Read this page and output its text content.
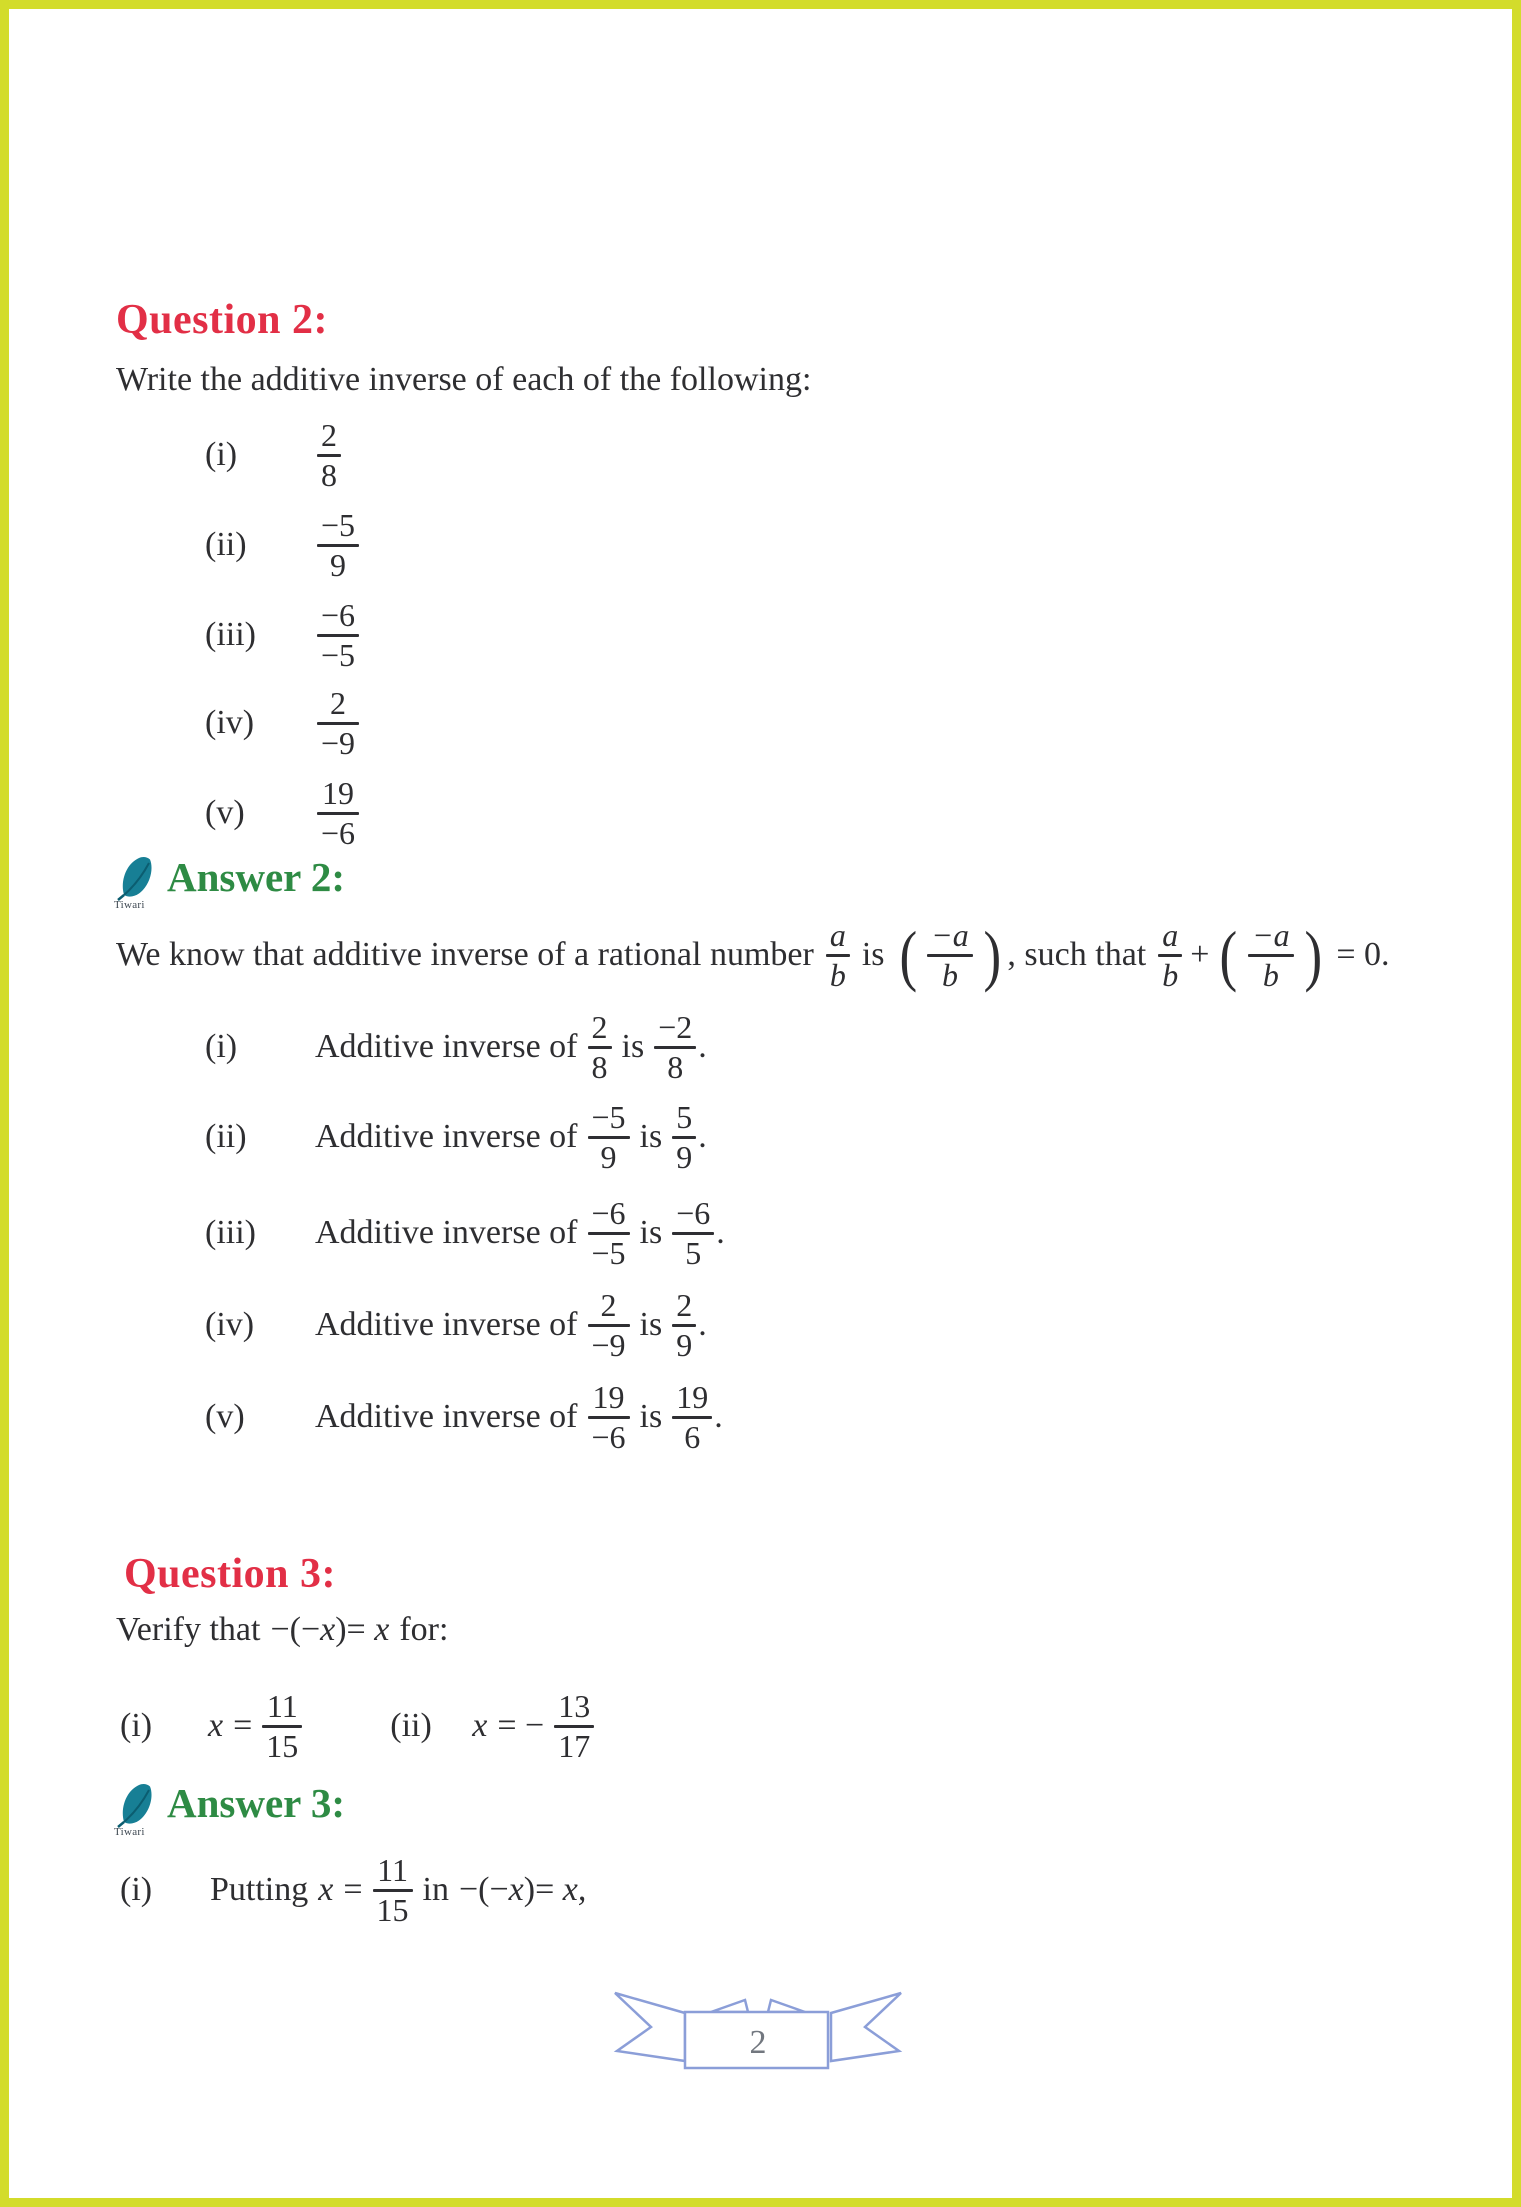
Question 2:
Write the additive inverse of each of the following:
(i)	$\frac{2}{8}$
(ii)	$\frac{-5}{9}$
(iii)	$\frac{-6}{-5}$
(iv)	$\frac{2}{-9}$
(v)	$\frac{19}{-6}$
Tiwari
Answer 2:
We know that additive inverse of a rational number $\frac{a}{b}$ is ( $\frac{-a}{b}$ ) , such that $\frac{a}{b}$ + ( $\frac{-a}{b}$ ) = 0.
(i)	Additive inverse of $\frac{2}{8}$ is $\frac{-2}{8}$ .
(ii)	Additive inverse of $\frac{-5}{9}$ is $\frac{5}{9}$ .
(iii)	Additive inverse of $\frac{-6}{-5}$ is $\frac{-6}{5}$ .
(iv)	Additive inverse of $\frac{2}{-9}$ is $\frac{2}{9}$ .
(v)	Additive inverse of $\frac{19}{-6}$ is $\frac{19}{6}$ .
Question 3:
Verify that −(−x)= x for:
(i)	$x = \frac{11}{15}$	(ii)	x = − $\frac{13}{17}$
Tiwari
Answer 3:
(i)	Putting $x = \frac{11}{15}$ in −(−x)= x,
2
